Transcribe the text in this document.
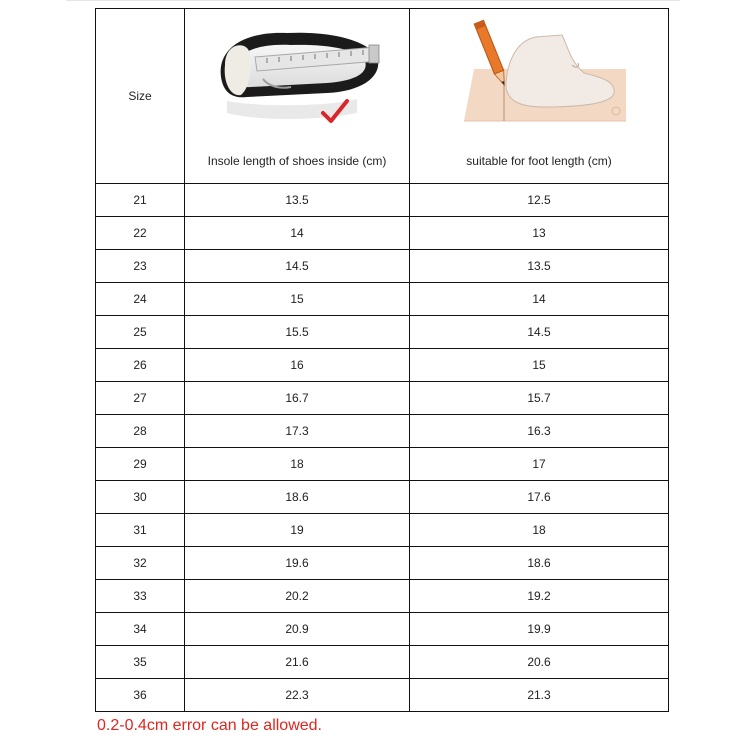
Size	Insole length of shoes inside (cm)	suitable for foot length (cm)

21	13.5	12.5
22	14	13
23	14.5	13.5
24	15	14
25	15.5	14.5
26	16	15
27	16.7	15.7
28	17.3	16.3
29	18	17
30	18.6	17.6
31	19	18
32	19.6	18.6
33	20.2	19.2
34	20.9	19.9
35	21.6	20.6
36	22.3	21.3
0.2-0.4cm error can be allowed.
